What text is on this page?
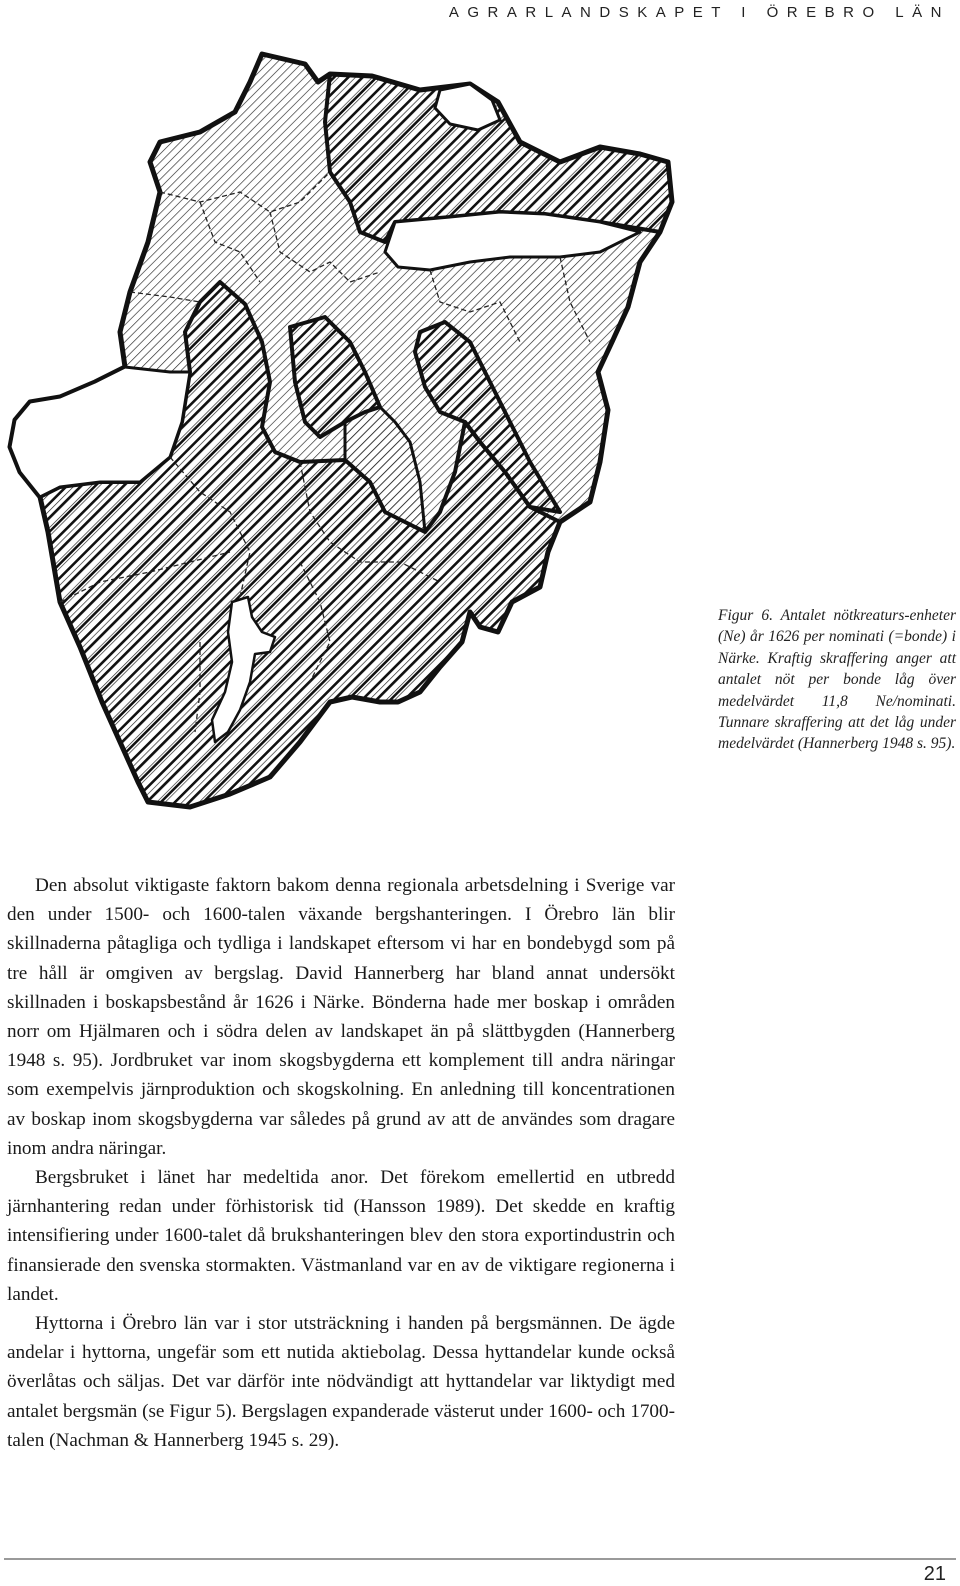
AGRARLANDSKAPET I ÖREBRO LÄN
Figur 6. Antalet nötkreaturs-enheter (Ne) år 1626 per nominati (=bonde) i Närke. Kraftig skraffering anger att antalet nöt per bonde låg över medelvärdet 11,8 Ne/nominati. Tunnare skraffering att det låg under medelvärdet (Hannerberg 1948 s. 95).

Den absolut viktigaste faktorn bakom denna regionala arbetsdelning i Sverige var den under 1500- och 1600-talen växande bergshanteringen. I Örebro län blir skillnaderna påtagliga och tydliga i landskapet eftersom vi har en bondebygd som på tre håll är omgiven av bergslag. David Hannerberg har bland annat undersökt skillnaden i boskapsbestånd år 1626 i Närke. Bönderna hade mer boskap i områden norr om Hjälmaren och i södra delen av landskapet än på slättbygden (Hannerberg 1948 s. 95). Jordbruket var inom skogsbygderna ett komplement till andra näringar som exempelvis järnproduktion och skogskolning. En anledning till koncentrationen av boskap inom skogsbygderna var således på grund av att de användes som dragare inom andra näringar.

Bergsbruket i länet har medeltida anor. Det förekom emellertid en utbredd järnhantering redan under förhistorisk tid (Hansson 1989). Det skedde en kraftig intensifiering under 1600-talet då brukshanteringen blev den stora exportindustrin och finansierade den svenska stormakten. Västmanland var en av de viktigare regionerna i landet.

Hyttorna i Örebro län var i stor utsträckning i handen på bergsmännen. De ägde andelar i hyttorna, ungefär som ett nutida aktiebolag. Dessa hyttandelar kunde också överlåtas och säljas. Det var därför inte nödvändigt att hyttandelar var liktydigt med antalet bergsmän (se Figur 5). Bergslagen expanderade västerut under 1600- och 1700-talen (Nachman & Hannerberg 1945 s. 29).

21
